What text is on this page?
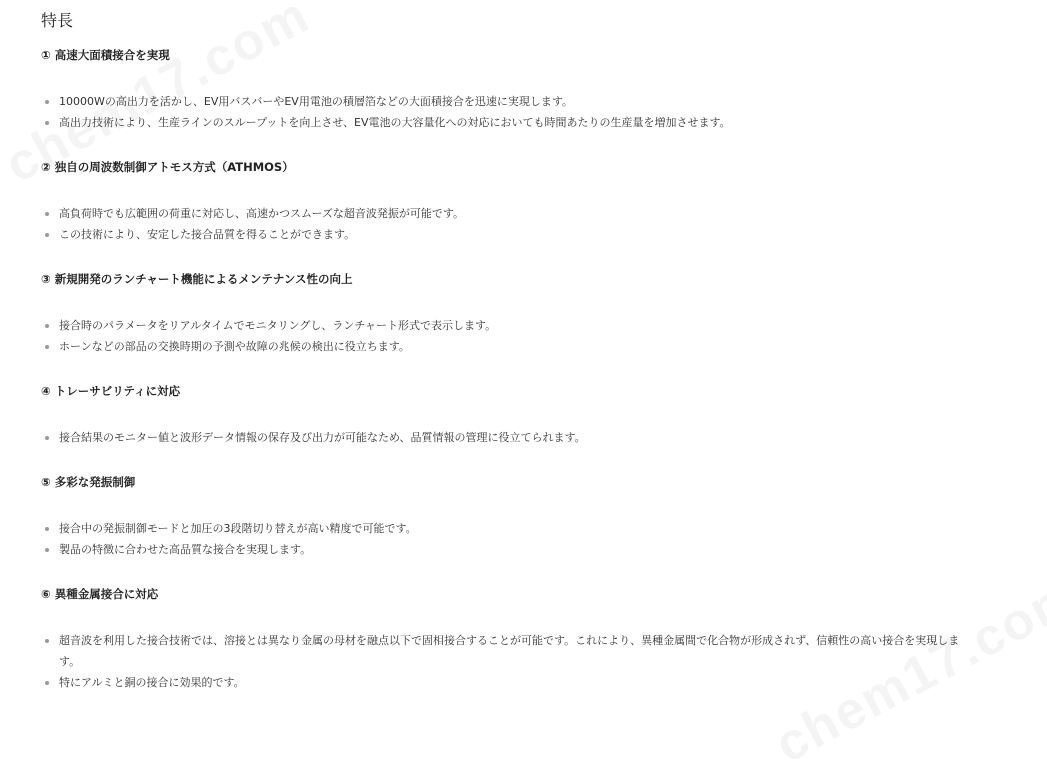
特長
① 高速大面積接合を実現
10000Wの高出力を活かし、EV用バスバーやEV用電池の積層箔などの大面積接合を迅速に実現します。
高出力技術により、生産ラインのスループットを向上させ、EV電池の大容量化への対応においても時間あたりの生産量を増加させます。
② 独自の周波数制御アトモス方式（ATHMOS）
高負荷時でも広範囲の荷重に対応し、高速かつスムーズな超音波発振が可能です。
この技術により、安定した接合品質を得ることができます。
③ 新規開発のランチャート機能によるメンテナンス性の向上
接合時のパラメータをリアルタイムでモニタリングし、ランチャート形式で表示します。
ホーンなどの部品の交換時期の予測や故障の兆候の検出に役立ちます。
④ トレーサビリティに対応
接合結果のモニター値と波形データ情報の保存及び出力が可能なため、品質情報の管理に役立てられます。
⑤ 多彩な発振制御
接合中の発振制御モードと加圧の3段階切り替えが高い精度で可能です。
製品の特徴に合わせた高品質な接合を実現します。
⑥ 異種金属接合に対応
超音波を利用した接合技術では、溶接とは異なり金属の母材を融点以下で固相接合することが可能です。これにより、異種金属間で化合物が形成されず、信頼性の高い接合を実現します。
特にアルミと銅の接合に効果的です。
